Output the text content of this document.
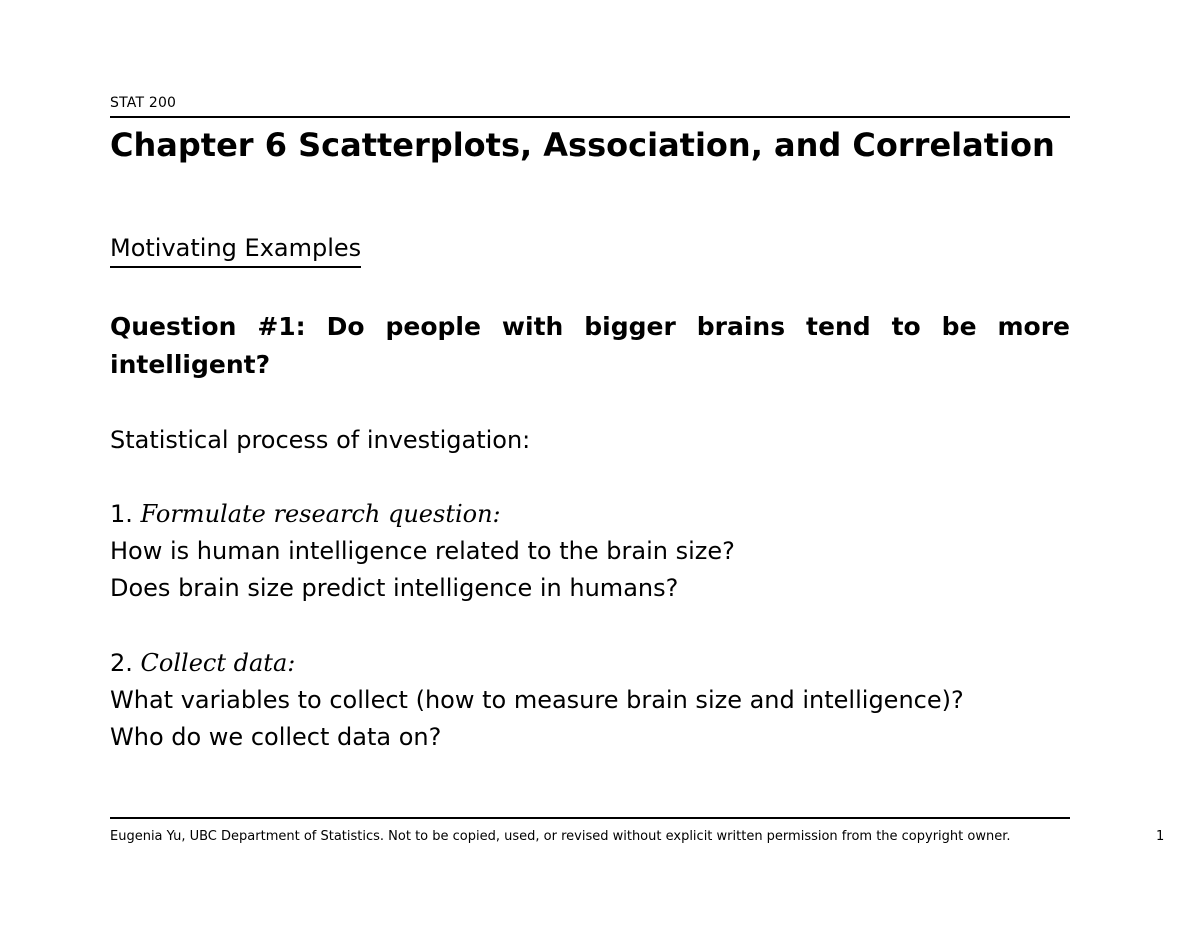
STAT 200
Chapter 6 Scatterplots, Association, and Correlation
Motivating Examples
Question #1: Do people with bigger brains tend to be more intelligent?
Statistical process of investigation:
1. Formulate research question:
How is human intelligence related to the brain size?
Does brain size predict intelligence in humans?
2. Collect data:
What variables to collect (how to measure brain size and intelligence)?
Who do we collect data on?
Eugenia Yu, UBC Department of Statistics. Not to be copied, used, or revised without explicit written permission from the copyright owner.	1
